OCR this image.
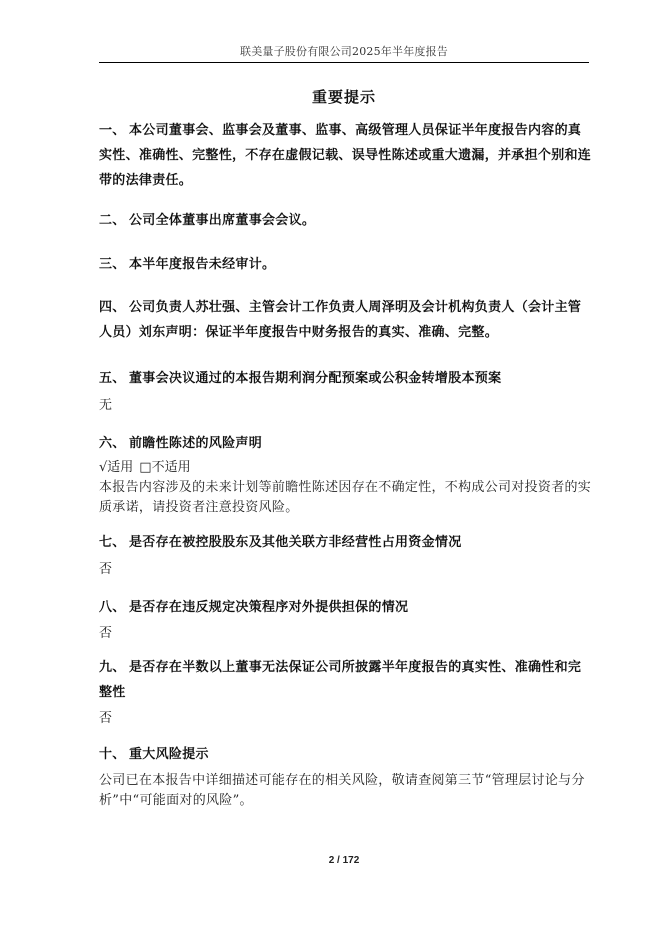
联美量子股份有限公司2025年半年度报告
重要提示
一、 本公司董事会、监事会及董事、监事、高级管理人员保证半年度报告内容的真实性、准确性、完整性，不存在虚假记载、误导性陈述或重大遗漏，并承担个别和连带的法律责任。
二、 公司全体董事出席董事会会议。
三、 本半年度报告未经审计。
四、 公司负责人苏壮强、主管会计工作负责人周泽明及会计机构负责人（会计主管人员）刘东声明：保证半年度报告中财务报告的真实、准确、完整。
五、 董事会决议通过的本报告期利润分配预案或公积金转增股本预案
无
六、 前瞻性陈述的风险声明
√适用 □不适用
本报告内容涉及的未来计划等前瞻性陈述因存在不确定性，不构成公司对投资者的实质承诺，请投资者注意投资风险。
七、 是否存在被控股股东及其他关联方非经营性占用资金情况
否
八、 是否存在违反规定决策程序对外提供担保的情况
否
九、 是否存在半数以上董事无法保证公司所披露半年度报告的真实性、准确性和完整性
否
十、 重大风险提示
公司已在本报告中详细描述可能存在的相关风险，敬请查阅第三节“管理层讨论与分析”中“可能面对的风险”。
2 / 172
